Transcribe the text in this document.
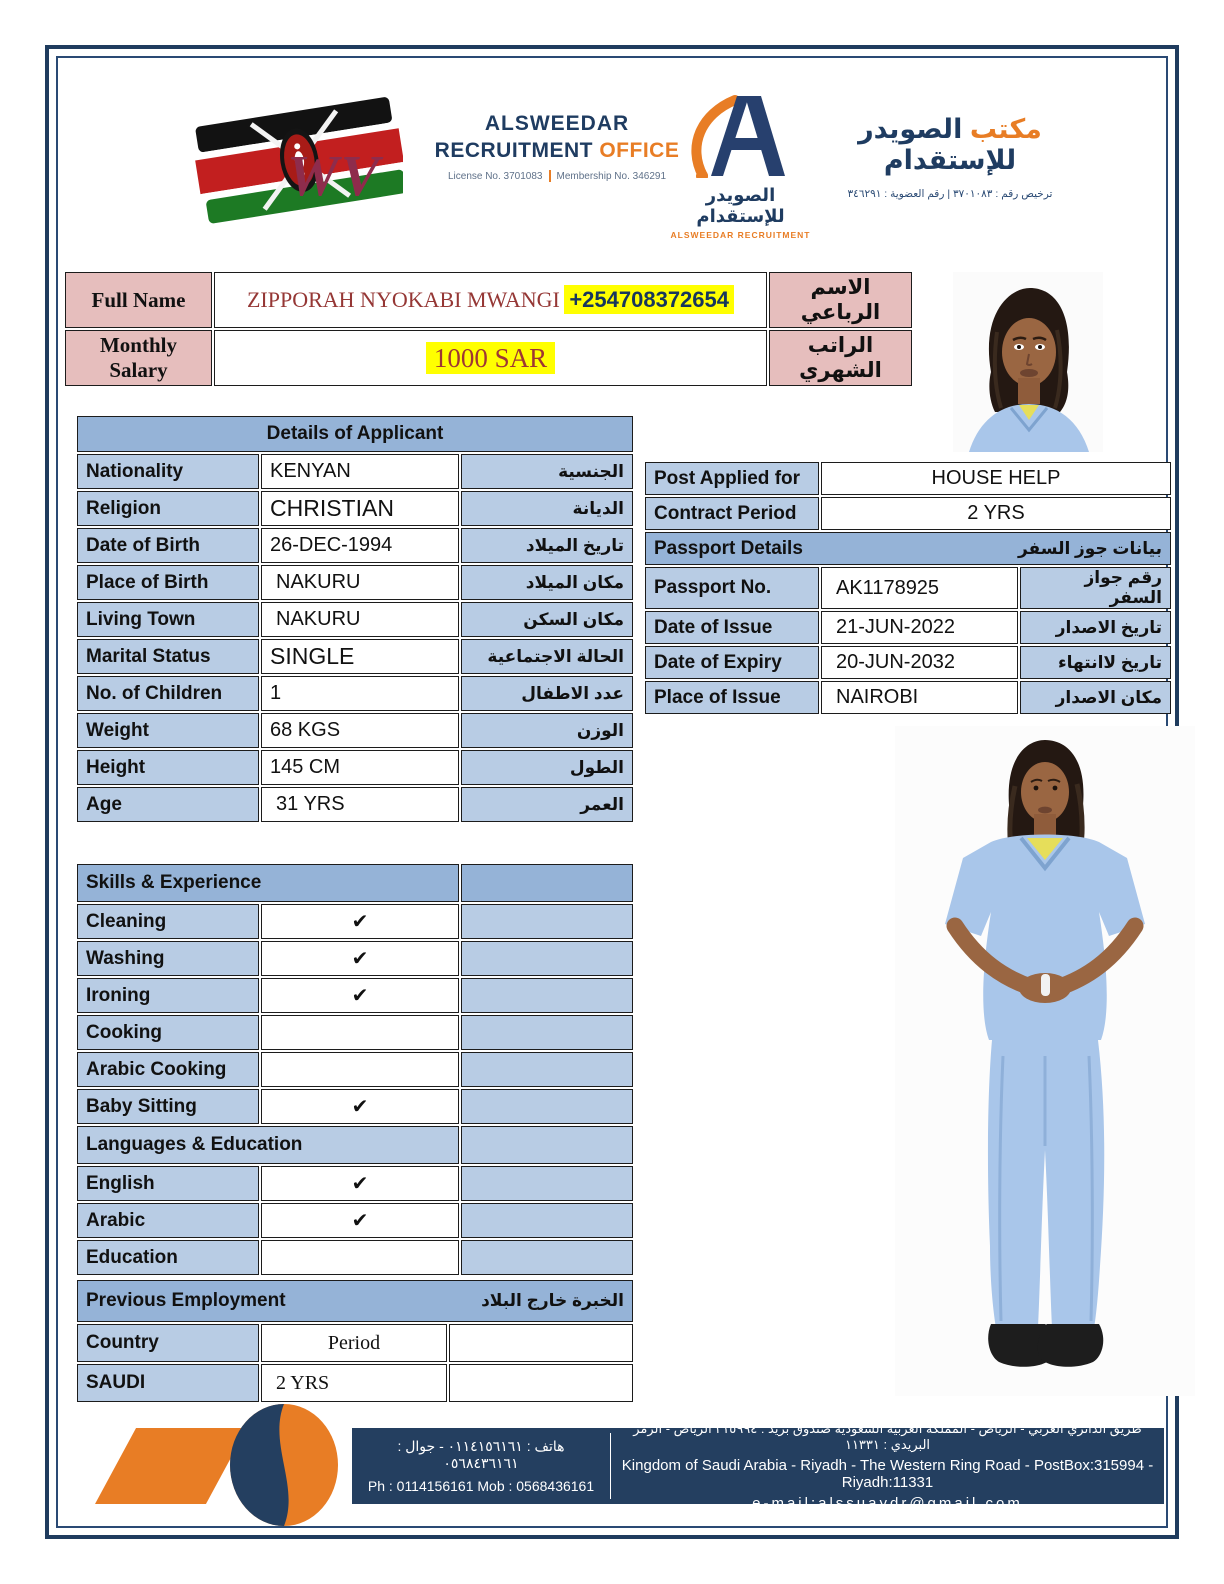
WV
ALSWEEDAR
RECRUITMENT OFFICE
License No. 3701083 Membership No. 346291
الصويدر للإستقدام
ALSWEEDAR RECRUITMENT
مكتب الصويدر للإستقدام
ترخيص رقم : ٣٧٠١٠٨٣ | رقم العضوية : ٣٤٦٢٩١
Full Name	ZIPPORAH NYOKABI MWANGI +254708372654	الاسم الرباعي
Monthly Salary	1000 SAR	الراتب الشهري
Details of Applicant		
Nationality	KENYAN	الجنسية
Religion	CHRISTIAN	الديانة
Date of Birth	26-DEC-1994	تاريخ الميلاد
Place of Birth	NAKURU	مكان الميلاد
Living Town	NAKURU	مكان السكن
Marital Status	SINGLE	الحالة الاجتماعية
No. of Children	1	عدد الاطفال
Weight	68 KGS	الوزن
Height	145 CM	الطول
Age	31 YRS	العمر
Post Applied for	HOUSE HELP	
Contract Period	2 YRS	

Passport Details بيانات جوز السفر		

Passport No.	AK1178925	رقم جواز السفر
Date of Issue	21-JUN-2022	تاريخ الاصدار
Date of Expiry	20-JUN-2032	تاريخ لاانتهاء
Place of Issue	NAIROBI	مكان الاصدار
Skills & Experience		
Cleaning	✔	
Washing	✔	
Ironing	✔	
Cooking		
Arabic Cooking		
Baby Sitting	✔	
Languages & Education		
English	✔	
Arabic	✔	
Education		
Previous Employment الخبرة خارج البلاد		

Country	Period	
SAUDI	2 YRS	
هاتف : ٠١١٤١٥٦١٦١ - جوال : ٠٥٦٨٤٣٦١٦١
Ph : 0114156161 Mob : 0568436161
طريق الدائري الغربي - الرياض - المملكة العربية السعودية صندوق بريد : ٣١٥٩٩٤ الرياض - الرمز البريدي : ١١٣٣١
Kingdom of Saudi Arabia - Riyadh - The Western Ring Road - PostBox:315994 - Riyadh:11331
e-mail:alssuaydr@gmail.com
